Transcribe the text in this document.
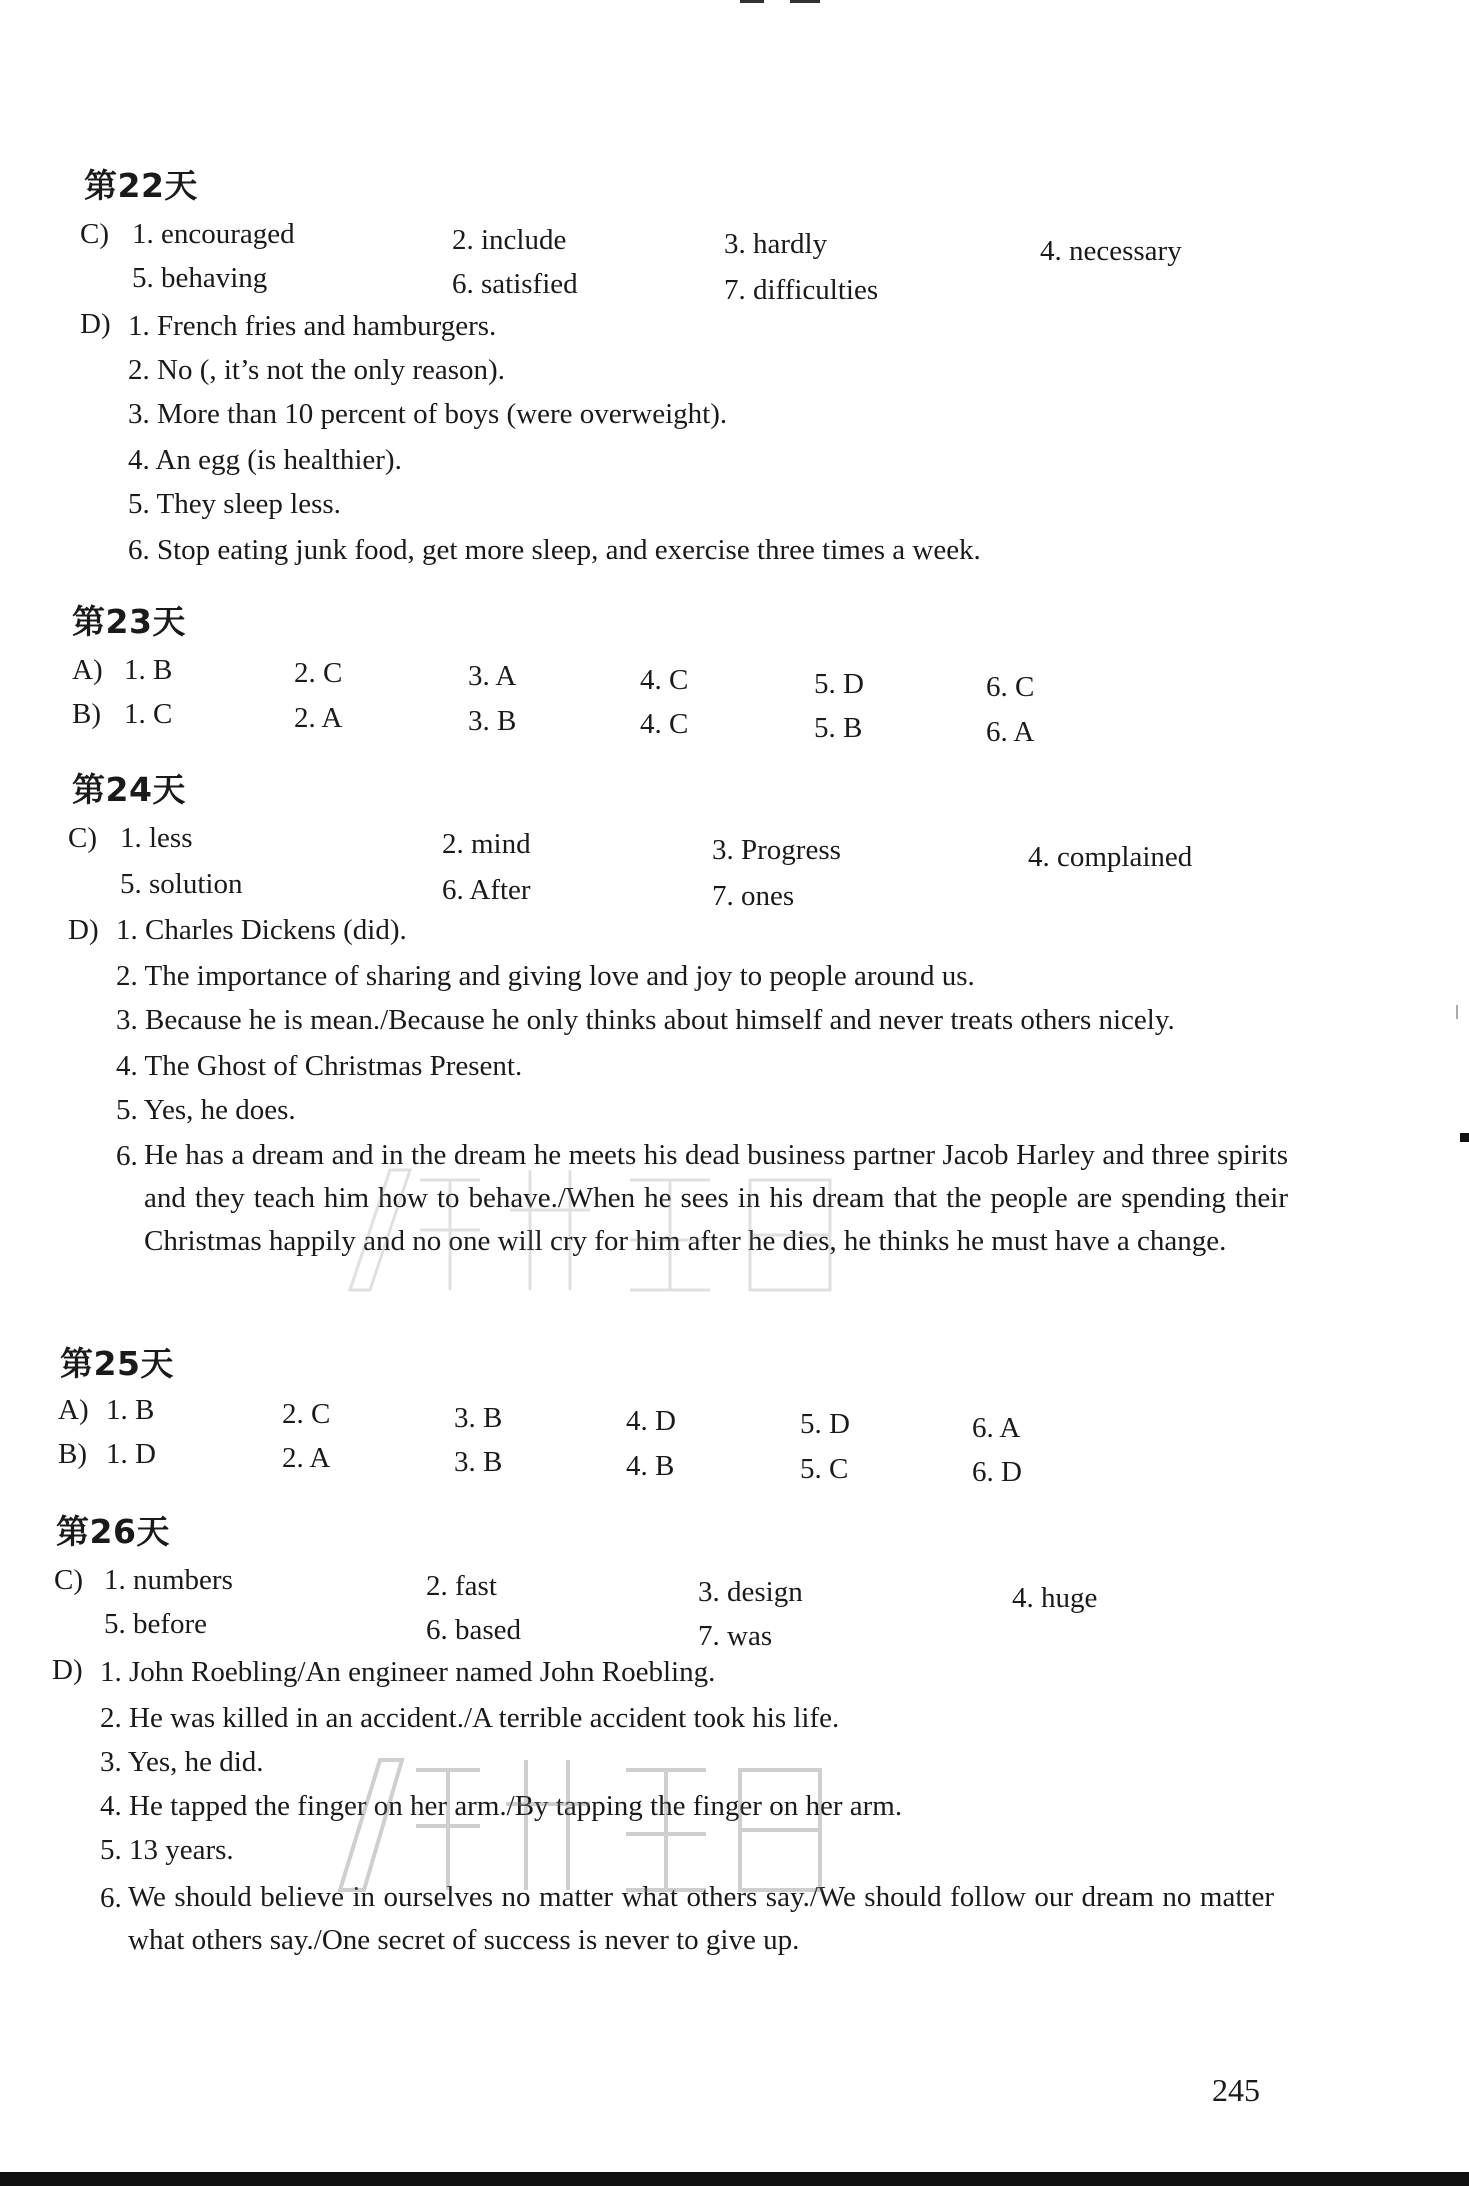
第22天
C) 1. encouraged	2. include	3. hardly	4. necessary
5. behaving	6. satisfied	7. difficulties
D) 1. French fries and hamburgers.
2. No (, it’s not the only reason).
3. More than 10 percent of boys (were overweight).
4. An egg (is healthier).
5. They sleep less.
6. Stop eating junk food, get more sleep, and exercise three times a week.
第23天
A) 1. B	2. C	3. A	4. C	5. D	6. C
B) 1. C	2. A	3. B	4. C	5. B	6. A
第24天
C) 1. less	2. mind	3. Progress	4. complained
5. solution	6. After	7. ones
D) 1. Charles Dickens (did).
2. The importance of sharing and giving love and joy to people around us.
3. Because he is mean./Because he only thinks about himself and never treats others nicely.
4. The Ghost of Christmas Present.
5. Yes, he does.
6. He has a dream and in the dream he meets his dead business partner Jacob Harley and three spirits and they teach him how to behave./When he sees in his dream that the people are spending their Christmas happily and no one will cry for him after he dies, he thinks he must have a change.
第25天
A) 1. B	2. C	3. B	4. D	5. D	6. A
B) 1. D	2. A	3. B	4. B	5. C	6. D
第26天
C) 1. numbers	2. fast	3. design	4. huge
5. before	6. based	7. was
D) 1. John Roebling/An engineer named John Roebling.
2. He was killed in an accident./A terrible accident took his life.
3. Yes, he did.
4. He tapped the finger on her arm./By tapping the finger on her arm.
5. 13 years.
6. We should believe in ourselves no matter what others say./We should follow our dream no matter what others say./One secret of success is never to give up.
245
